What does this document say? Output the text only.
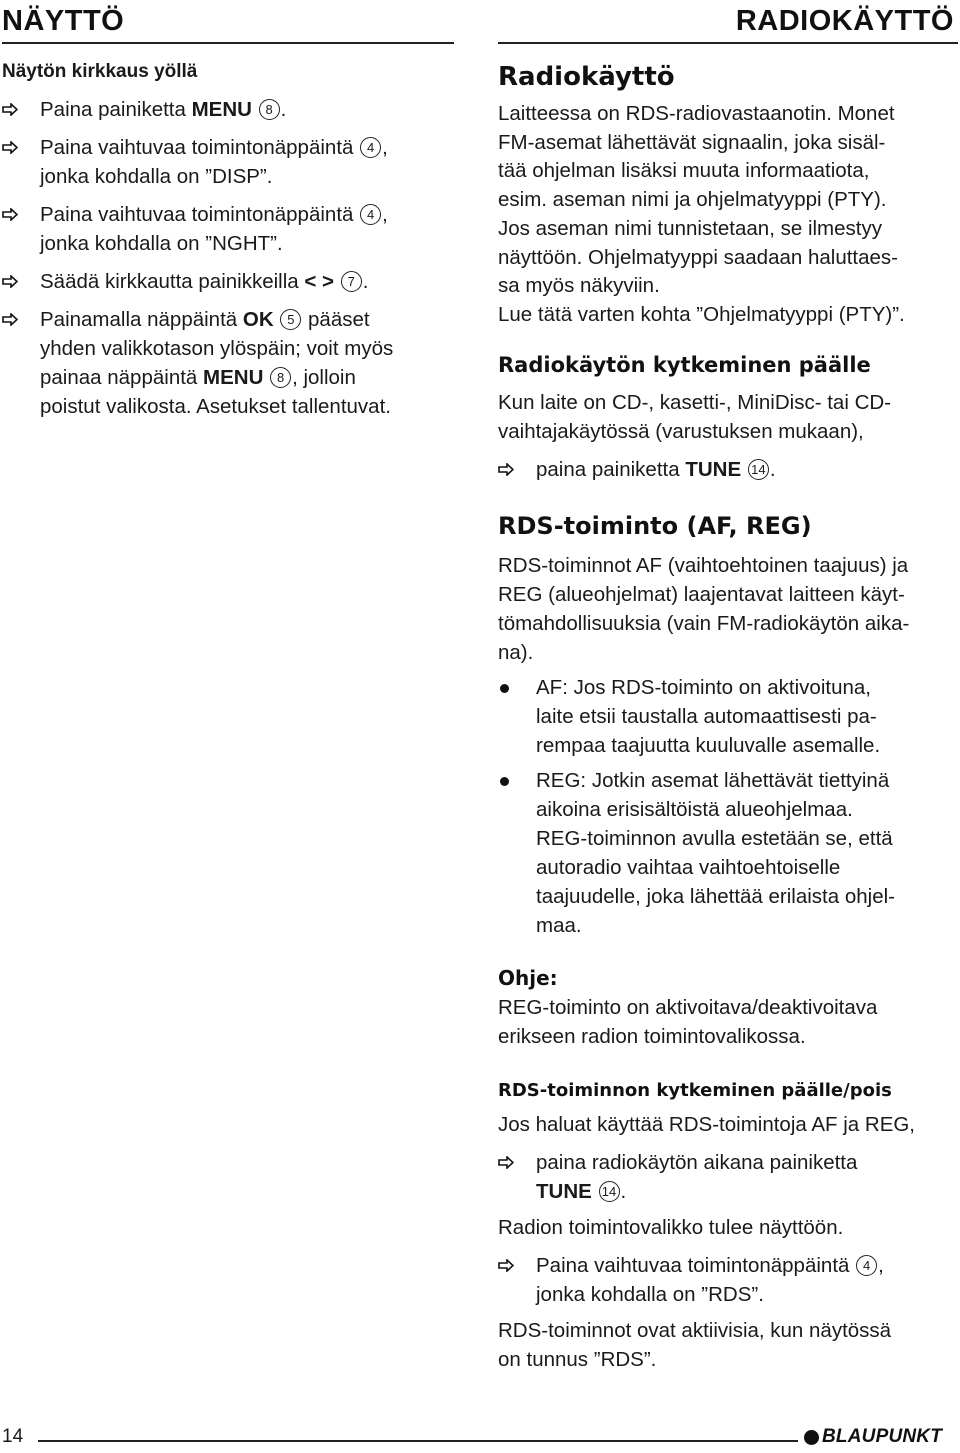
NÄYTTÖ	RADIOKÄYTTÖ
Näytön kirkkaus yöllä
Paina painiketta MENU 8 .
Paina vaihtuvaa toimintonäppäintä 4 ,
jonka kohdalla on ”DISP”.
Paina vaihtuvaa toimintonäppäintä 4 ,
jonka kohdalla on ”NGHT”.
Säädä kirkkautta painikkeilla < > 7 .
Painamalla näppäintä OK 5 pääset
yhden valikkotason ylöspäin; voit myös
painaa näppäintä MENU 8 , jolloin
poistut valikosta. Asetukset tallentuvat.
Radiokäyttö
Laitteessa on RDS-radiovastaanotin. Monet
FM-asemat lähettävät signaalin, joka sisäl-
tää ohjelman lisäksi muuta informaatiota,
esim. aseman nimi ja ohjelmatyyppi (PTY).
Jos aseman nimi tunnistetaan, se ilmestyy
näyttöön. Ohjelmatyyppi saadaan haluttaes-
sa myös näkyviin.
Lue tätä varten kohta ”Ohjelmatyyppi (PTY)”.
Radiokäytön kytkeminen päälle
Kun laite on CD-, kasetti-, MiniDisc- tai CD-
vaihtajakäytössä (varustuksen mukaan),
paina painiketta TUNE 14 .
RDS-toiminto (AF, REG)
RDS-toiminnot AF (vaihtoehtoinen taajuus) ja
REG (alueohjelmat) laajentavat laitteen käyt-
tömahdollisuuksia (vain FM-radiokäytön aika-
na).
AF: Jos RDS-toiminto on aktivoituna,
laite etsii taustalla automaattisesti pa-
rempaa taajuutta kuuluvalle asemalle.
REG: Jotkin asemat lähettävät tiettyinä
aikoina erisisältöistä alueohjelmaa.
REG-toiminnon avulla estetään se, että
autoradio vaihtaa vaihtoehtoiselle
taajuudelle, joka lähettää erilaista ohjel-
maa.
Ohje:
REG-toiminto on aktivoitava/deaktivoitava
erikseen radion toimintovalikossa.
RDS-toiminnon kytkeminen päälle/pois
Jos haluat käyttää RDS-toimintoja AF ja REG,
paina radiokäytön aikana painiketta
TUNE 14 .
Radion toimintovalikko tulee näyttöön.
Paina vaihtuvaa toimintonäppäintä 4 ,
jonka kohdalla on ”RDS”.
RDS-toiminnot ovat aktiivisia, kun näytössä
on tunnus ”RDS”.
14	BLAUPUNKT
